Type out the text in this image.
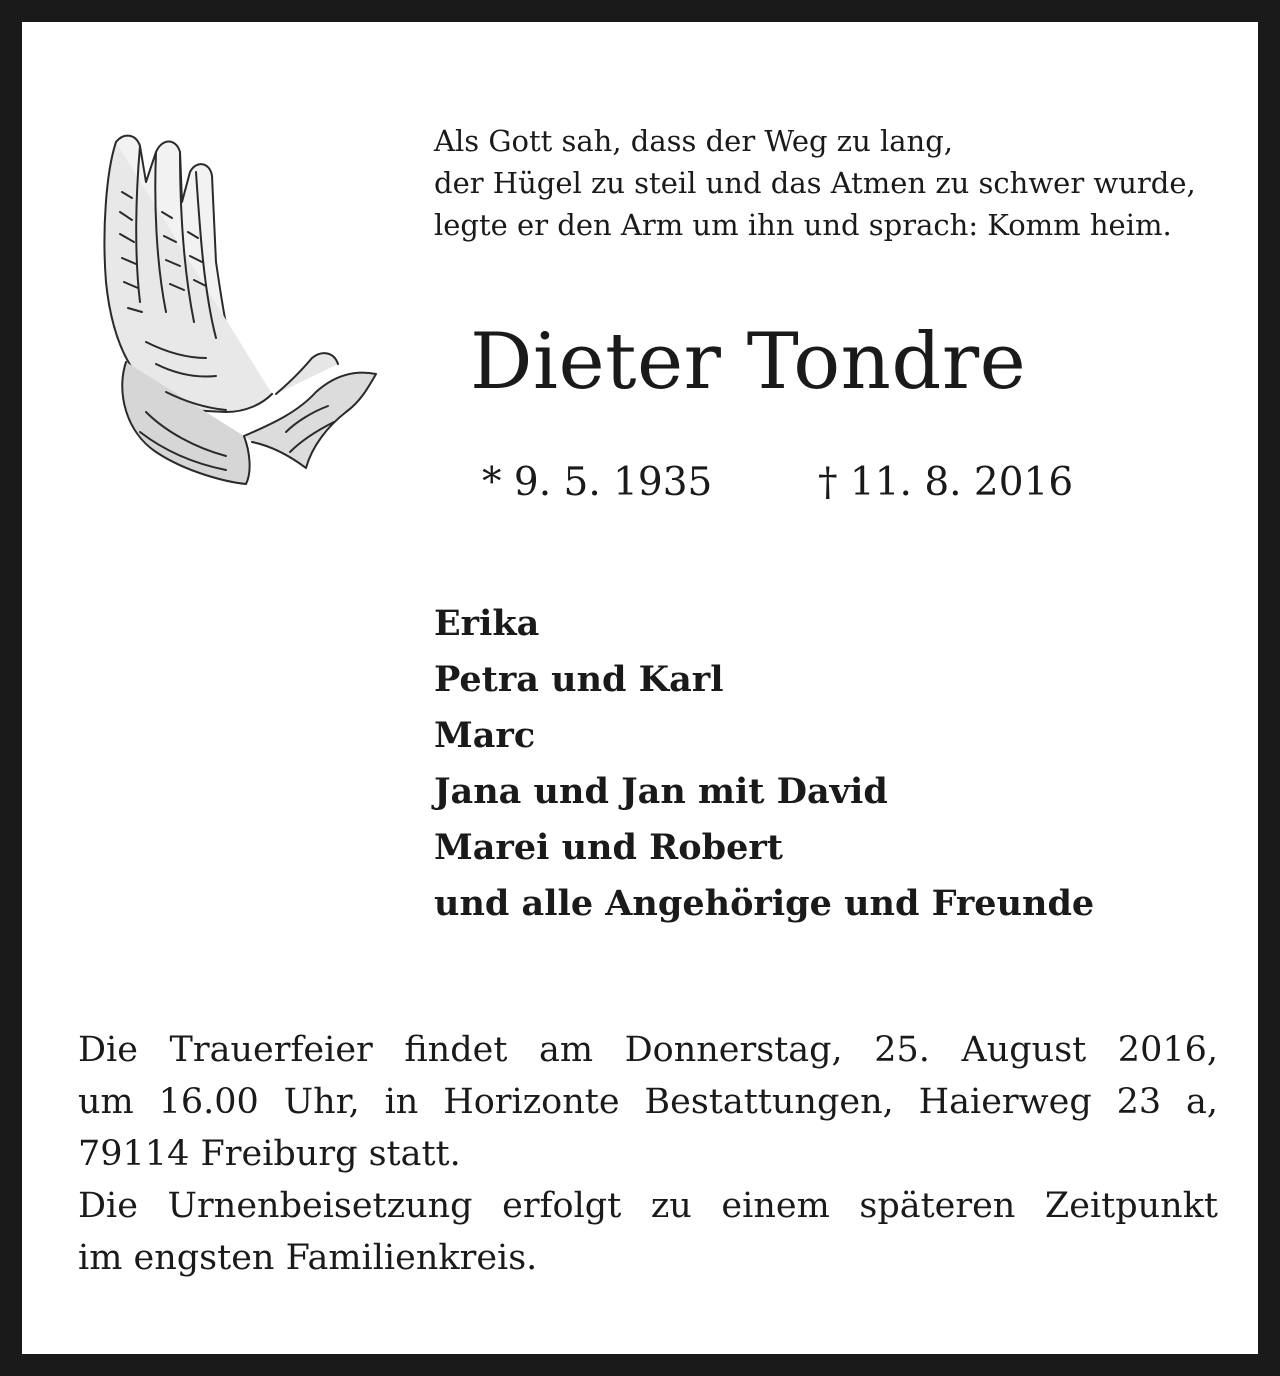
Als Gott sah, dass der Weg zu lang,
der Hügel zu steil und das Atmen zu schwer wurde,
legte er den Arm um ihn und sprach: Komm heim.
Dieter Tondre
* 9. 5. 1935	† 11. 8. 2016
Erika
Petra und Karl
Marc
Jana und Jan mit David
Marei und Robert
und alle Angehörige und Freunde
Die Trauerfeier findet am Donnerstag, 25. August 2016,
um 16.00 Uhr, in Horizonte Bestattungen, Haierweg 23 a,
79114 Freiburg statt.
Die Urnenbeisetzung erfolgt zu einem späteren Zeitpunkt
im engsten Familienkreis.
